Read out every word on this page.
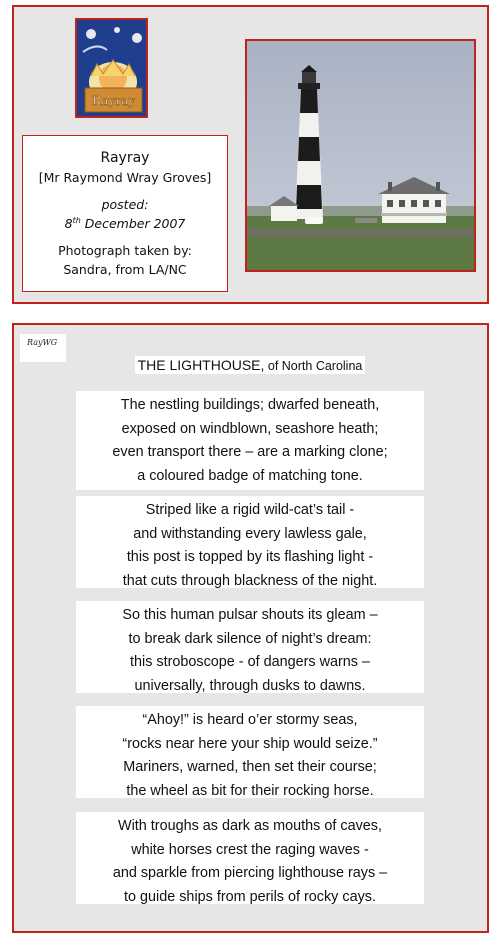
Rayray
Rayray
[Mr Raymond Wray Groves]
posted:
8th December 2007
Photograph taken by:
Sandra, from LA/NC
RayWG
THE LIGHTHOUSE, of North Carolina
The nestling buildings; dwarfed beneath,
exposed on windblown, seashore heath;
even transport there – are a marking clone;
a coloured badge of matching tone.
Striped like a rigid wild-cat’s tail -
and withstanding every lawless gale,
this post is topped by its flashing light -
that cuts through blackness of the night.
So this human pulsar shouts its gleam –
to break dark silence of night’s dream:
this stroboscope - of dangers warns –
universally, through dusks to dawns.
“Ahoy!” is heard o’er stormy seas,
“rocks near here your ship would seize.”
Mariners, warned, then set their course;
the wheel as bit for their rocking horse.
With troughs as dark as mouths of caves,
white horses crest the raging waves -
and sparkle from piercing lighthouse rays –
to guide ships from perils of rocky cays.
